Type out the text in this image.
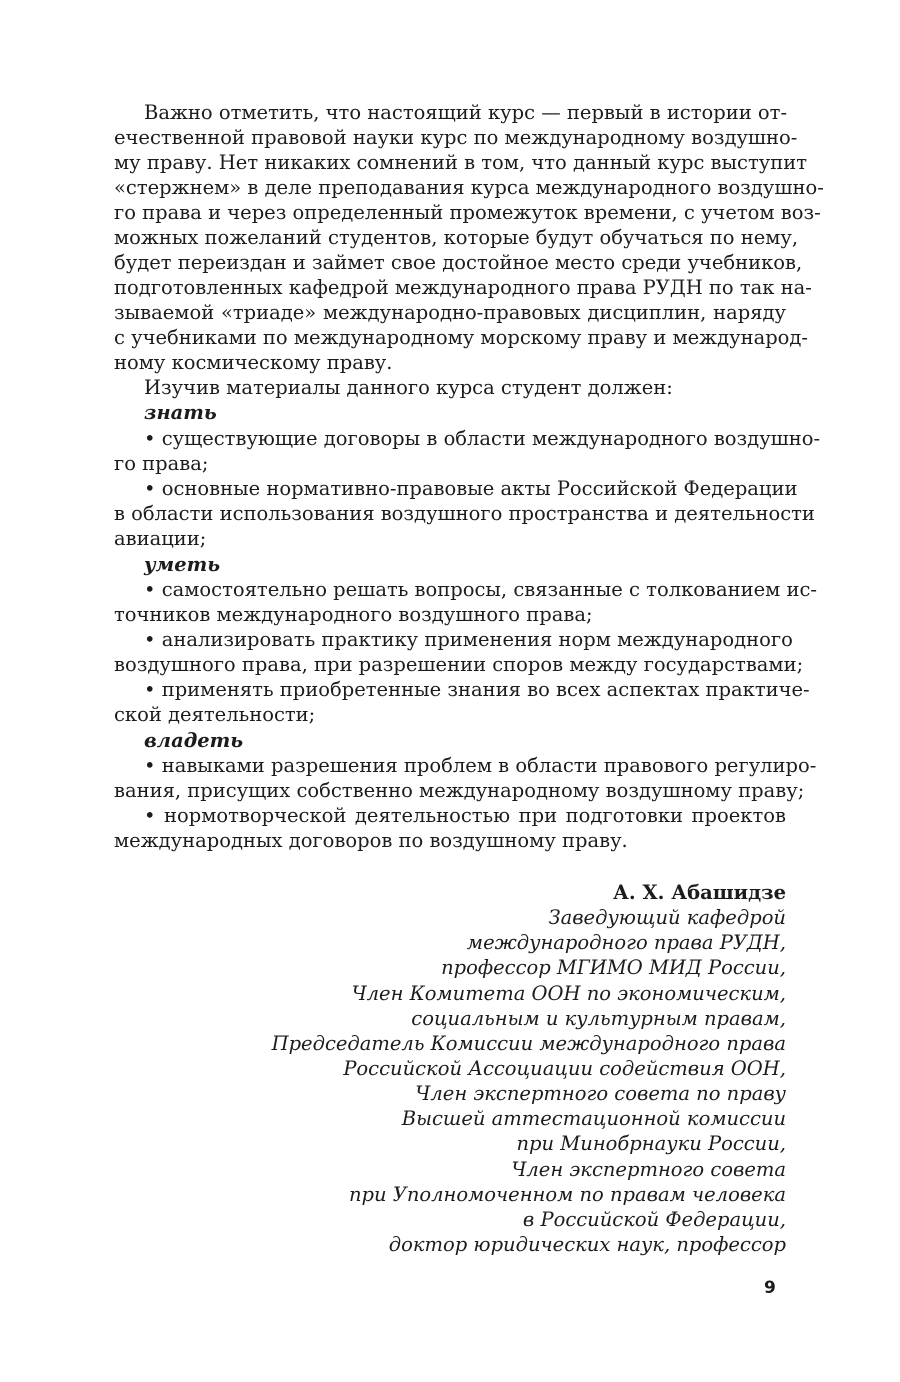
Важно отметить, что настоящий курс — первый в истории от-
ечественной правовой науки курс по международному воздушно-
му праву. Нет никаких сомнений в том, что данный курс выступит
«стержнем» в деле преподавания курса международного воздушно-
го права и через определенный промежуток времени, с учетом воз-
можных пожеланий студентов, которые будут обучаться по нему,
будет переиздан и займет свое достойное место среди учебников,
подготовленных кафедрой международного права РУДН по так на-
зываемой «триаде» международно-правовых дисциплин, наряду
с учебниками по международному морскому праву и международ-
ному космическому праву.
Изучив материалы данного курса студент должен:
знать
• существующие договоры в области международного воздушно-
го права;
• основные нормативно-правовые акты Российской Федерации
в области использования воздушного пространства и деятельности
авиации;
уметь
• самостоятельно решать вопросы, связанные с толкованием ис-
точников международного воздушного права;
• анализировать практику применения норм международного
воздушного права, при разрешении споров между государствами;
• применять приобретенные знания во всех аспектах практиче-
ской деятельности;
владеть
• навыками разрешения проблем в области правового регулиро-
вания, присущих собственно международному воздушному праву;
• нормотворческой деятельностью при подготовки проектов
международных договоров по воздушному праву.
А. Х. Абашидзе
Заведующий кафедрой
международного права РУДН,
профессор МГИМО МИД России,
Член Комитета ООН по экономическим,
социальным и культурным правам,
Председатель Комиссии международного права
Российской Ассоциации содействия ООН,
Член экспертного совета по праву
Высшей аттестационной комиссии
при Минобрнауки России,
Член экспертного совета
при Уполномоченном по правам человека
в Российской Федерации,
доктор юридических наук, профессор
9
